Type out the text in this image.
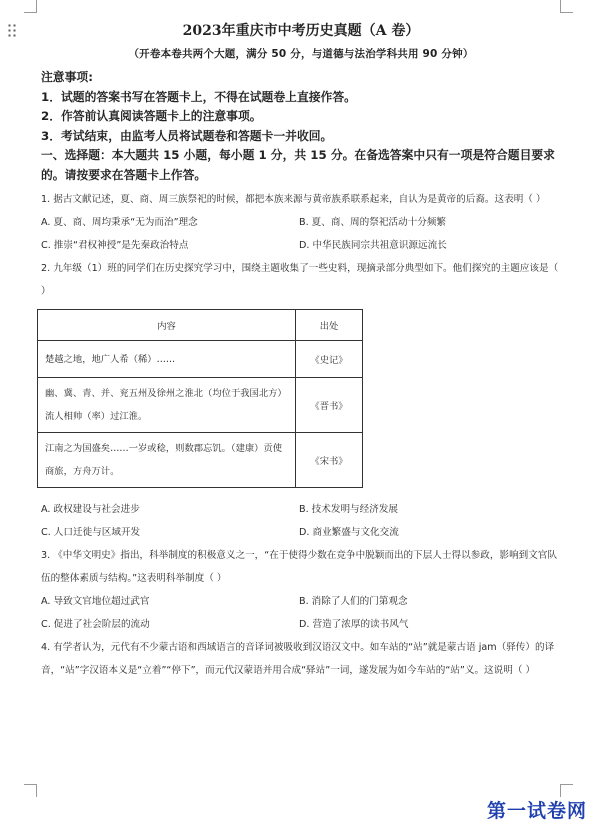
2023年重庆市中考历史真题（A 卷）
（开卷本卷共两个大题，满分 50 分，与道德与法治学科共用 90 分钟）
注意事项:
1．试题的答案书写在答题卡上，不得在试题卷上直接作答。
2．作答前认真阅读答题卡上的注意事项。
3．考试结束，由监考人员将试题卷和答题卡一并收回。
一、选择题：本大题共 15 小题，每小题 1 分，共 15 分。在备选答案中只有一项是符合题目要求的。请按要求在答题卡上作答。
1. 据古文献记述，夏、商、周三族祭祀的时候，都把本族来源与黄帝族系联系起来，自认为是黄帝的后裔。这表明（ ）
A. 夏、商、周均秉承“无为而治”理念	B. 夏、商、周的祭祀活动十分频繁
C. 推崇“君权神授”是先秦政治特点	D. 中华民族同宗共祖意识源远流长
2. 九年级（1）班的同学们在历史探究学习中，围绕主题收集了一些史料，现摘录部分典型如下。他们探究的主题应该是（ ）
内容	出处
楚越之地，地广人希（稀）……	《史记》
幽、冀、青、并、兖五州及徐州之淮北（均位于我国北方）流人相帅（率）过江淮。	《晋书》
江南之为国盛矣……一岁或稔，则数郡忘饥。（建康）贡使商旅，方舟万计。	《宋书》
A. 政权建设与社会进步	B. 技术发明与经济发展
C. 人口迁徙与区域开发	D. 商业繁盛与文化交流
3. 《中华文明史》指出，科举制度的积极意义之一，“在于使得少数在竞争中脱颖而出的下层人士得以参政，影响到文官队伍的整体素质与结构。”这表明科举制度（ ）
A. 导致文官地位超过武官	B. 消除了人们的门第观念
C. 促进了社会阶层的流动	D. 营造了浓厚的读书风气
4. 有学者认为，元代有不少蒙古语和西域语言的音译词被吸收到汉语汉文中。如车站的“站”就是蒙古语 jam（驿传）的译音，“站”字汉语本义是“立着”“停下”，而元代汉蒙语并用合成“驿站”一词，遂发展为如今车站的“站”义。这说明（ ）
第一试卷网
